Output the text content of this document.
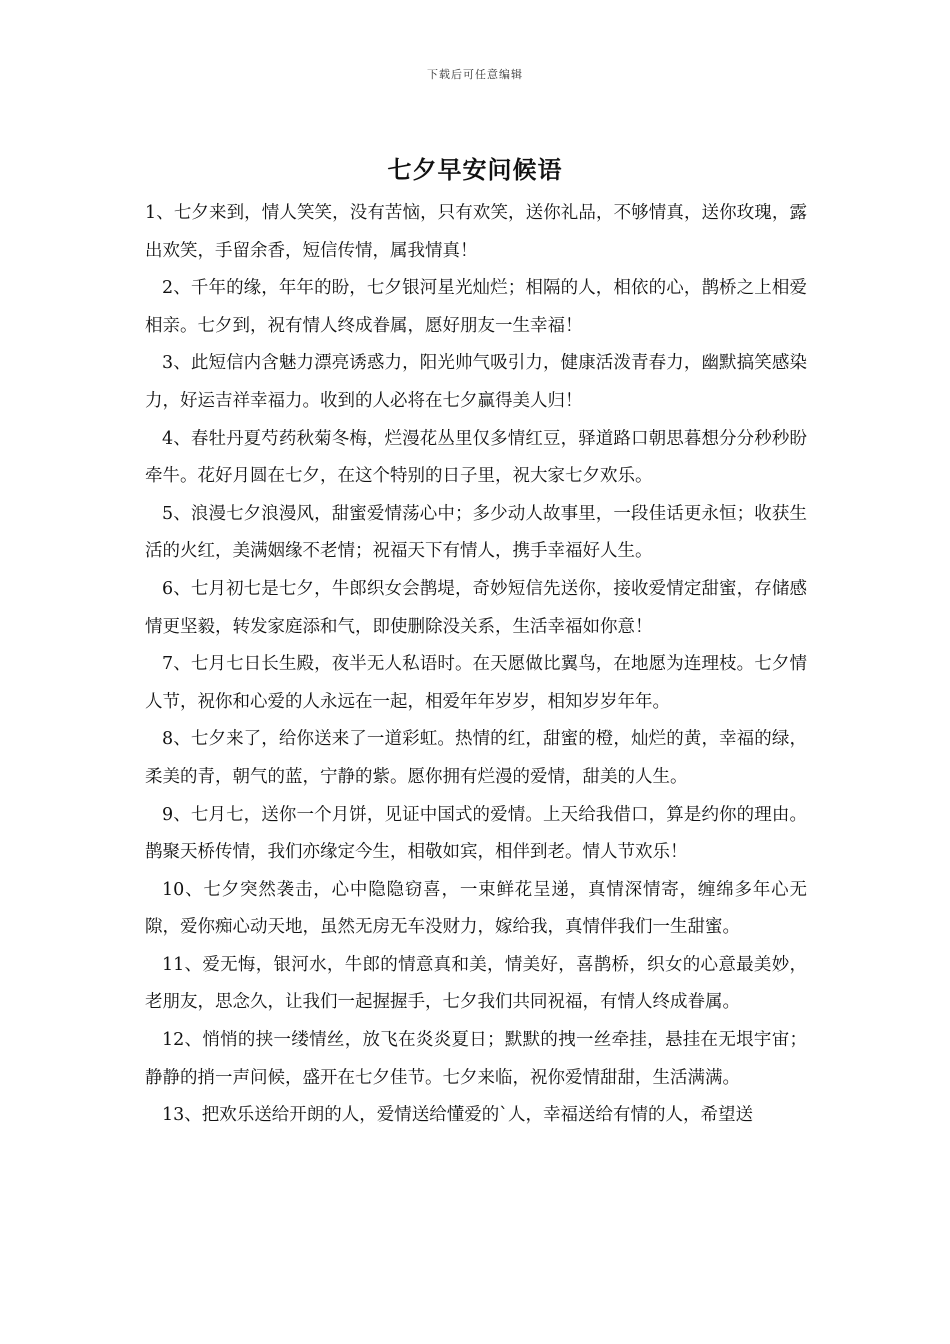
下载后可任意编辑
七夕早安问候语

1、七夕来到，情人笑笑，没有苦恼，只有欢笑，送你礼品，不够情真，送你玫瑰，露出欢笑，手留余香，短信传情，属我情真！

2、千年的缘，年年的盼，七夕银河星光灿烂；相隔的人，相依的心，鹊桥之上相爱相亲。七夕到，祝有情人终成眷属，愿好朋友一生幸福！

3、此短信内含魅力漂亮诱惑力，阳光帅气吸引力，健康活泼青春力，幽默搞笑感染力，好运吉祥幸福力。收到的人必将在七夕赢得美人归！

4、春牡丹夏芍药秋菊冬梅，烂漫花丛里仅多情红豆，驿道路口朝思暮想分分秒秒盼牵牛。花好月圆在七夕，在这个特别的日子里，祝大家七夕欢乐。

5、浪漫七夕浪漫风，甜蜜爱情荡心中；多少动人故事里，一段佳话更永恒；收获生活的火红，美满姻缘不老情；祝福天下有情人，携手幸福好人生。

6、七月初七是七夕，牛郎织女会鹊堤，奇妙短信先送你，接收爱情定甜蜜，存储感情更坚毅，转发家庭添和气，即使删除没关系，生活幸福如你意！

7、七月七日长生殿，夜半无人私语时。在天愿做比翼鸟，在地愿为连理枝。七夕情人节，祝你和心爱的人永远在一起，相爱年年岁岁，相知岁岁年年。

8、七夕来了，给你送来了一道彩虹。热情的红，甜蜜的橙，灿烂的黄，幸福的绿，柔美的青，朝气的蓝，宁静的紫。愿你拥有烂漫的爱情，甜美的人生。

9、七月七，送你一个月饼，见证中国式的爱情。上天给我借口，算是约你的理由。鹊聚天桥传情，我们亦缘定今生，相敬如宾，相伴到老。情人节欢乐！

10、七夕突然袭击，心中隐隐窃喜，一束鲜花呈递，真情深情寄，缠绵多年心无隙，爱你痴心动天地，虽然无房无车没财力，嫁给我，真情伴我们一生甜蜜。

11、爱无悔，银河水，牛郎的情意真和美，情美好，喜鹊桥，织女的心意最美妙，老朋友，思念久，让我们一起握握手，七夕我们共同祝福，有情人终成眷属。

12、悄悄的挟一缕情丝，放飞在炎炎夏日；默默的拽一丝牵挂，悬挂在无垠宇宙；静静的捎一声问候，盛开在七夕佳节。七夕来临，祝你爱情甜甜，生活满满。

13、把欢乐送给开朗的人，爱情送给懂爱的`人，幸福送给有情的人，希望送
